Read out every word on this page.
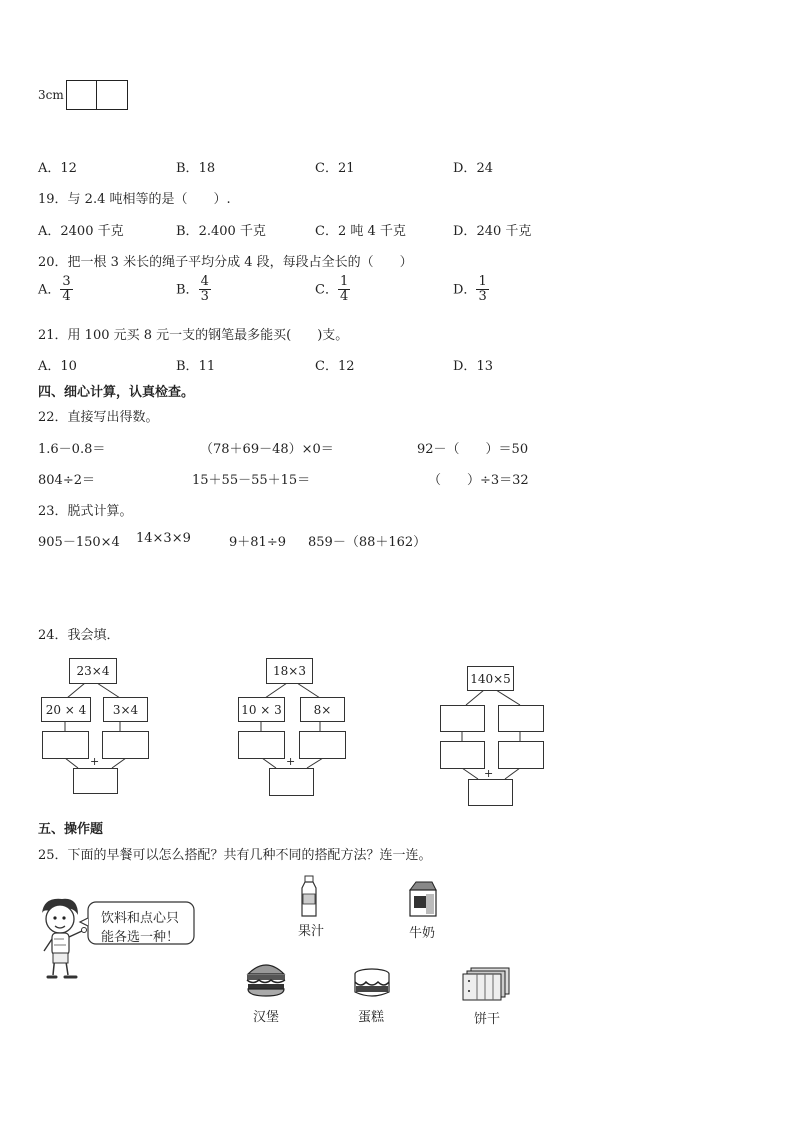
3cm
A．12	B．18	C．21	D．24
19．与 2.4 吨相等的是（　　）.
A．2400 千克	B．2.400 千克	C．2 吨 4 千克	D．240 千克
20．把一根 3 米长的绳子平均分成 4 段，每段占全长的（　　）
A． $\frac{3}{4}$	B． $\frac{4}{3}$	C． $\frac{1}{4}$	D． $\frac{1}{3}$
21．用 100 元买 8 元一支的钢笔最多能买(　　)支。
A．10	B．11	C．12	D．13
四、细心计算，认真检查。
22．直接写出得数。
1.6－0.8＝	（78＋69－48）×0＝	92－（　　）＝50
804÷2＝	15＋55－55＋15＝	（　　）÷3＝32
23．脱式计算。
905－150×4 14×3×9	9＋81÷9 859－（88＋162）
24．我会填．
23×4
20 × 4	3×4
+
18×3
10 × 3	8×
+
140×5
+
五、操作题
25．下面的早餐可以怎么搭配？共有几种不同的搭配方法？连一连。
饮料和点心只
能各选一种！	果汁	牛奶
汉堡	蛋糕	饼干
